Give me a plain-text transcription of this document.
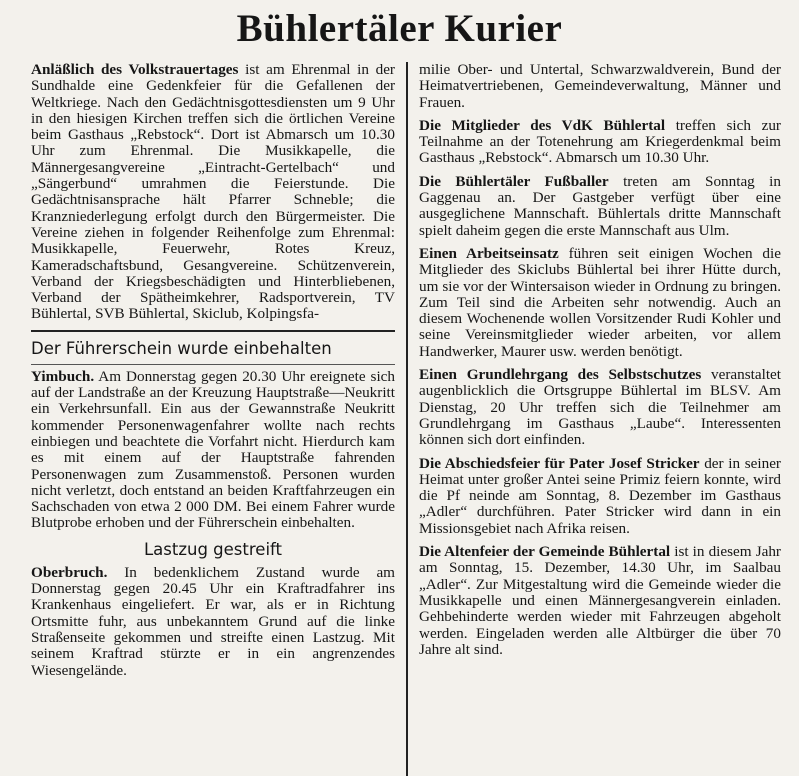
Bühlertäler Kurier

Anläßlich des Volkstrauertages ist am Ehrenmal in der Sundhalde eine Gedenkfeier für die Gefallenen der Weltkriege. Nach den Gedächtnisgottesdiensten um 9 Uhr in den hiesigen Kirchen treffen sich die örtlichen Vereine beim Gasthaus „Rebstock“. Dort ist Abmarsch um 10.30 Uhr zum Ehrenmal. Die Musikkapelle, die Männergesangvereine „Eintracht-Gertelbach“ und „Sängerbund“ umrahmen die Feierstunde. Die Gedächtnisansprache hält Pfarrer Schneble; die Kranzniederlegung erfolgt durch den Bürgermeister. Die Vereine ziehen in folgender Reihenfolge zum Ehrenmal: Musikkapelle, Feuerwehr, Rotes Kreuz, Kameradschaftsbund, Gesangvereine. Schützenverein, Verband der Kriegsbeschädigten und Hinterbliebenen, Verband der Spätheimkehrer, Radsportverein, TV Bühlertal, SVB Bühlertal, Skiclub, Kolpingsfa-

Der Führerschein wurde einbehalten

Yimbuch. Am Donnerstag gegen 20.30 Uhr ereignete sich auf der Landstraße an der Kreuzung Hauptstraße—Neukritt ein Verkehrsunfall. Ein aus der Gewannstraße Neukritt kommender Personenwagenfahrer wollte nach rechts einbiegen und beachtete die Vorfahrt nicht. Hierdurch kam es mit einem auf der Hauptstraße fahrenden Personenwagen zum Zusammenstoß. Personen wurden nicht verletzt, doch entstand an beiden Kraftfahrzeugen ein Sachschaden von etwa 2 000 DM. Bei einem Fahrer wurde Blutprobe erhoben und der Führerschein einbehalten.

Lastzug gestreift

Oberbruch. In bedenklichem Zustand wurde am Donnerstag gegen 20.45 Uhr ein Kraftradfahrer ins Krankenhaus eingeliefert. Er war, als er in Richtung Ortsmitte fuhr, aus unbekanntem Grund auf die linke Straßenseite gekommen und streifte einen Lastzug. Mit seinem Kraftrad stürzte er in ein angrenzendes Wiesengelände.

milie Ober- und Untertal, Schwarzwaldverein, Bund der Heimatvertriebenen, Gemeindeverwaltung, Männer und Frauen.

Die Mitglieder des VdK Bühlertal treffen sich zur Teilnahme an der Totenehrung am Kriegerdenkmal beim Gasthaus „Rebstock“. Abmarsch um 10.30 Uhr.

Die Bühlertäler Fußballer treten am Sonntag in Gaggenau an. Der Gastgeber verfügt über eine ausgeglichene Mannschaft. Bühlertals dritte Mannschaft spielt daheim gegen die erste Mannschaft aus Ulm.

Einen Arbeitseinsatz führen seit einigen Wochen die Mitglieder des Skiclubs Bühlertal bei ihrer Hütte durch, um sie vor der Wintersaison wieder in Ordnung zu bringen. Zum Teil sind die Arbeiten sehr notwendig. Auch an diesem Wochenende wollen Vorsitzender Rudi Kohler und seine Vereinsmitglieder wieder arbeiten, vor allem Handwerker, Maurer usw. werden benötigt.

Einen Grundlehrgang des Selbstschutzes veranstaltet augenblicklich die Ortsgruppe Bühlertal im BLSV. Am Dienstag, 20 Uhr treffen sich die Teilnehmer am Grundlehrgang im Gasthaus „Laube“. Interessenten können sich dort einfinden.

Die Abschiedsfeier für Pater Josef Stricker der in seiner Heimat unter großer Antei seine Primiz feiern konnte, wird die Pf neinde am Sonntag, 8. Dezember im Gasthaus „Adler“ durchführen. Pater Stricker wird dann in ein Missionsgebiet nach Afrika reisen.

Die Altenfeier der Gemeinde Bühlertal ist in diesem Jahr am Sonntag, 15. Dezember, 14.30 Uhr, im Saalbau „Adler“. Zur Mitgestaltung wird die Gemeinde wieder die Musikkapelle und einen Männergesangverein einladen. Gehbehinderte werden wieder mit Fahrzeugen abgeholt werden. Eingeladen werden alle Altbürger die über 70 Jahre alt sind.
